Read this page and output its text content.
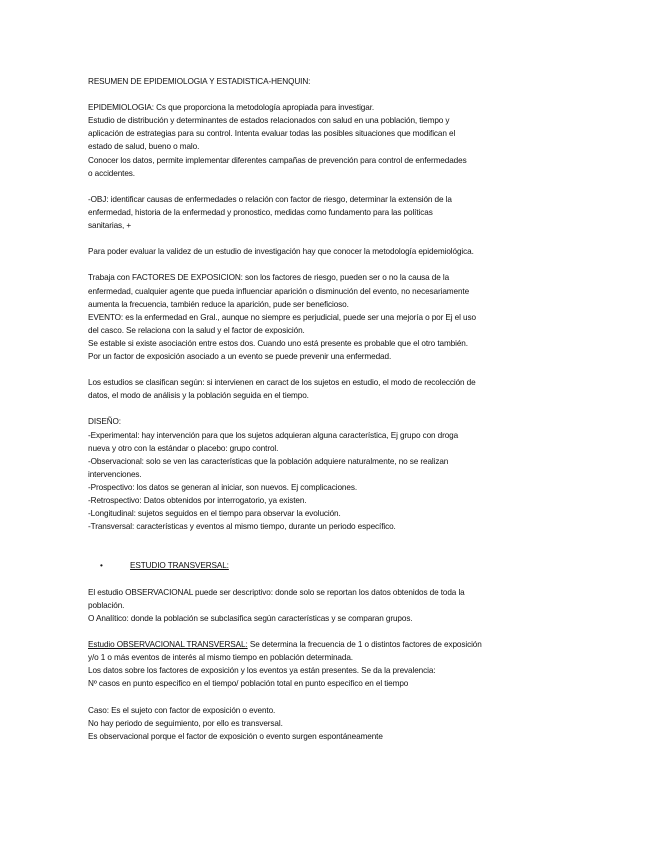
RESUMEN DE EPIDEMIOLOGIA Y ESTADISTICA-HENQUIN:
EPIDEMIOLOGIA: Cs que proporciona la metodología apropiada para investigar.
Estudio de distribución y determinantes de estados relacionados con salud en una población, tiempo y
aplicación de estrategias para su control. Intenta evaluar todas las posibles situaciones que modifican el
estado de salud, bueno o malo.
Conocer los datos, permite implementar diferentes campañas de prevención para control de enfermedades
o accidentes.
-OBJ: identificar causas de enfermedades o relación con factor de riesgo, determinar la extensión de la
enfermedad, historia de la enfermedad y pronostico, medidas como fundamento para las políticas
sanitarias, +
Para poder evaluar la validez de un estudio de investigación hay que conocer la metodología epidemiológica.
Trabaja con FACTORES DE EXPOSICION: son los factores de riesgo, pueden ser o no la causa de la
enfermedad, cualquier agente que pueda influenciar aparición o disminución del evento, no necesariamente
aumenta la frecuencia, también reduce la aparición, pude ser beneficioso.
EVENTO: es la enfermedad en Gral., aunque no siempre es perjudicial, puede ser una mejoría o por Ej el uso
del casco. Se relaciona con la salud y el factor de exposición.
Se estable si existe asociación entre estos dos. Cuando uno está presente es probable que el otro también.
Por un factor de exposición asociado a un evento se puede prevenir una enfermedad.
Los estudios se clasifican según: si intervienen en caract de los sujetos en estudio, el modo de recolección de
datos, el modo de análisis y la población seguida en el tiempo.
DISEÑO:
-Experimental: hay intervención para que los sujetos adquieran alguna característica, Ej grupo con droga
nueva y otro con la estándar o placebo: grupo control.
-Observacional: solo se ven las características que la población adquiere naturalmente, no se realizan
intervenciones.
-Prospectivo: los datos se generan al iniciar, son nuevos. Ej complicaciones.
-Retrospectivo: Datos obtenidos por interrogatorio, ya existen.
-Longitudinal: sujetos seguidos en el tiempo para observar la evolución.
-Transversal: características y eventos al mismo tiempo, durante un periodo específico.
•	ESTUDIO TRANSVERSAL:
El estudio OBSERVACIONAL puede ser descriptivo: donde solo se reportan los datos obtenidos de toda la
población.
O Analítico: donde la población se subclasifica según características y se comparan grupos.
Estudio OBSERVACIONAL TRANSVERSAL: Se determina la frecuencia de 1 o distintos factores de exposición
y/o 1 o más eventos de interés al mismo tiempo en población determinada.
Los datos sobre los factores de exposición y los eventos ya están presentes. Se da la prevalencia:
Nº casos en punto especifico en el tiempo/ población total en punto especifico en el tiempo
Caso: Es el sujeto con factor de exposición o evento.
No hay periodo de seguimiento, por ello es transversal.
Es observacional porque el factor de exposición o evento surgen espontáneamente
